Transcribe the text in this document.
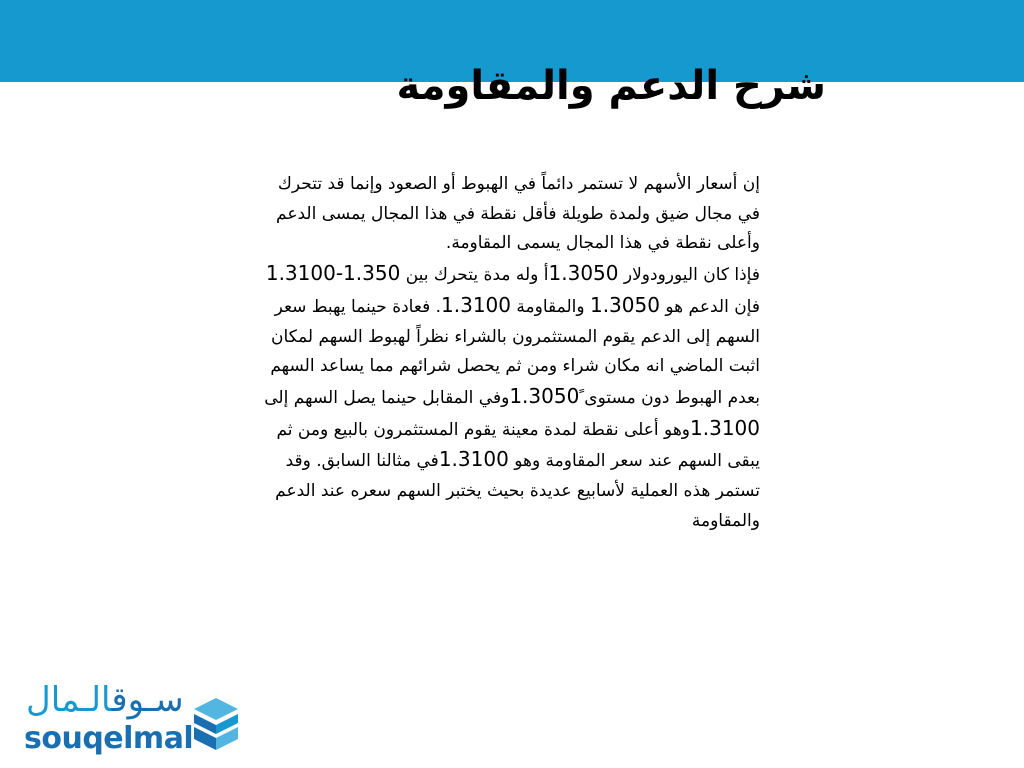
شرح الدعم والمقاومة
إن أسعار الأسهم لا تستمر دائماً في الهبوط أو الصعود وإنما قد تتحرك في مجال ضيق ولمدة طويلة فأقل نقطة في هذا المجال يمسى الدعم وأعلى نقطة في هذا المجال يسمى المقاومة.
فإذا كان اليورودولار 1.3050أ وله مدة يتحرك بين 1.3100-1.350 فإن الدعم هو 1.3050 والمقاومة 1.3100. فعادة حينما يهبط سعر السهم إلى الدعم يقوم المستثمرون بالشراء نظراً لهبوط السهم لمكان اثبت الماضي انه مكان شراء ومن ثم يحصل شرائهم مما يساعد السهم بعدم الهبوط دون مستوى ً1.3050وفي المقابل حينما يصل السهم إلى 1.3100وهو أعلى نقطة لمدة معينة يقوم المستثمرون بالبيع ومن ثم يبقى السهم عند سعر المقاومة وهو 1.3100في مثالنا السابق. وقد تستمر هذه العملية لأسابيع عديدة بحيث يختبر السهم سعره عند الدعم والمقاومة
سـوقالـمال
souqelmal
